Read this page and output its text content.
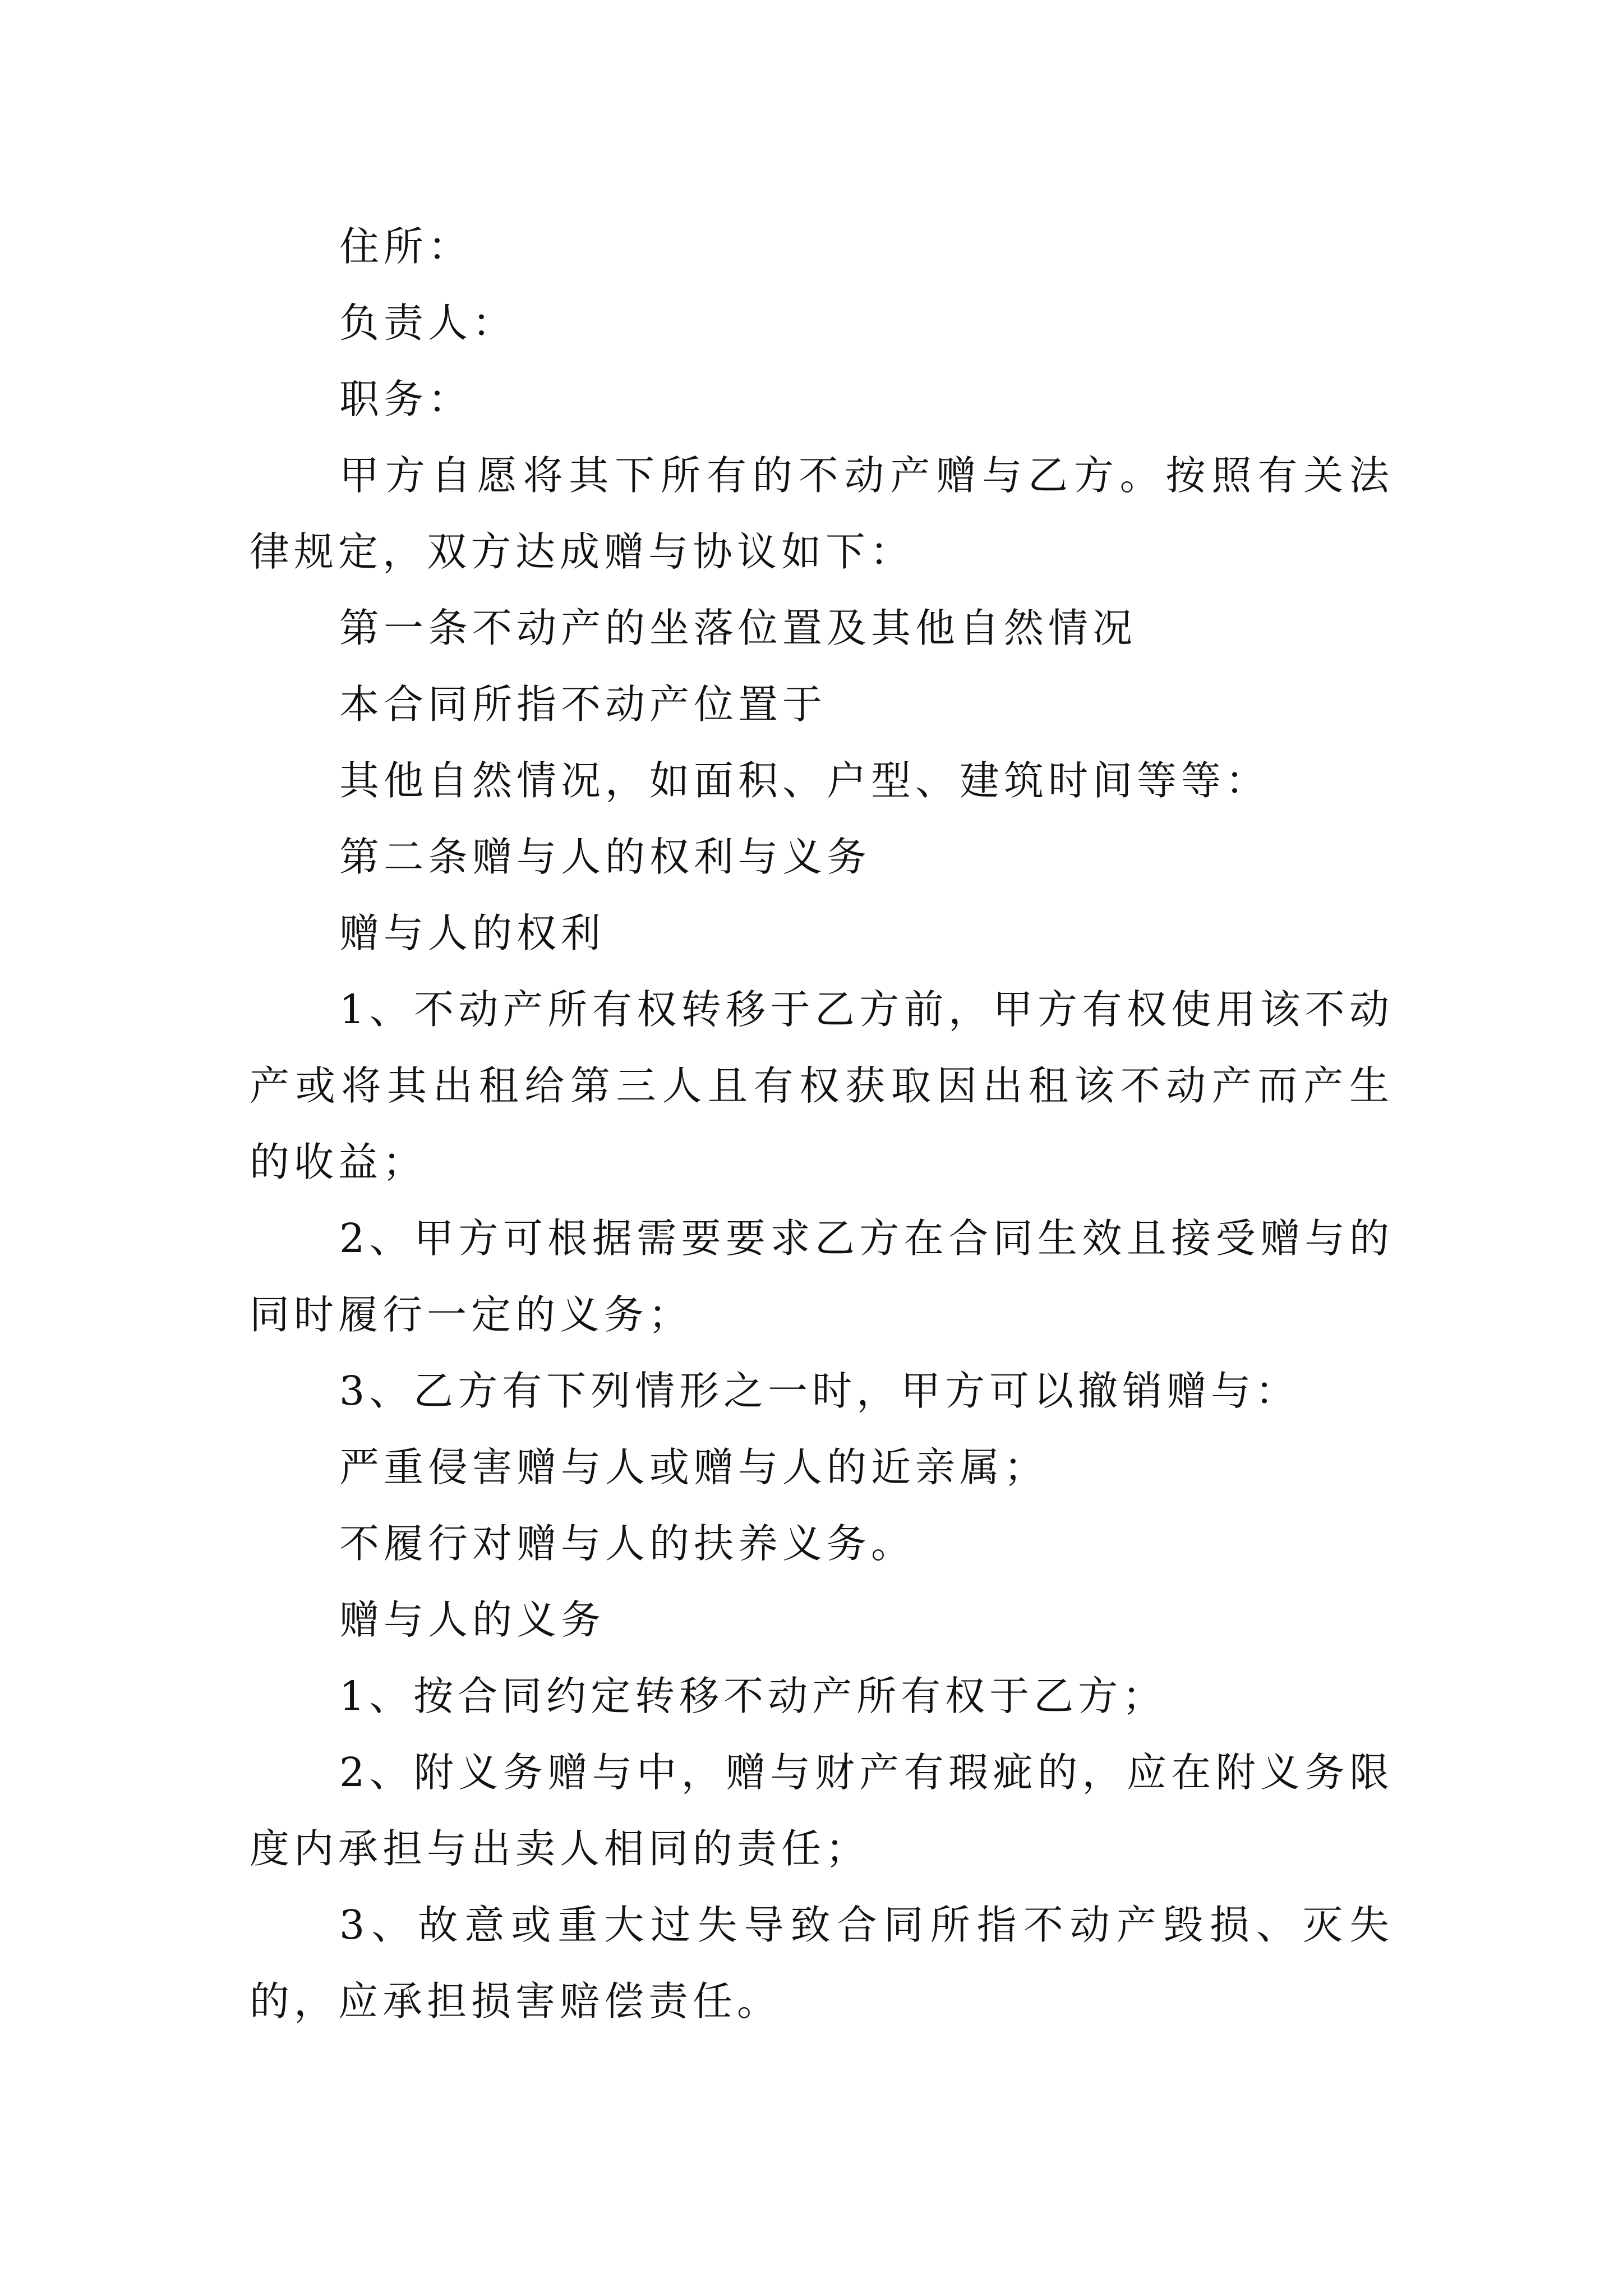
住所：

负责人：

职务：

甲方自愿将其下所有的不动产赠与乙方。按照有关法律规定，双方达成赠与协议如下：

第一条不动产的坐落位置及其他自然情况

本合同所指不动产位置于

其他自然情况，如面积、户型、建筑时间等等：

第二条赠与人的权利与义务

赠与人的权利

1、不动产所有权转移于乙方前，甲方有权使用该不动产或将其出租给第三人且有权获取因出租该不动产而产生的收益；

2、甲方可根据需要要求乙方在合同生效且接受赠与的同时履行一定的义务；

3、乙方有下列情形之一时，甲方可以撤销赠与：

严重侵害赠与人或赠与人的近亲属；

不履行对赠与人的扶养义务。

赠与人的义务

1、按合同约定转移不动产所有权于乙方；

2、附义务赠与中，赠与财产有瑕疵的，应在附义务限度内承担与出卖人相同的责任；

3、故意或重大过失导致合同所指不动产毁损、灭失的，应承担损害赔偿责任。
